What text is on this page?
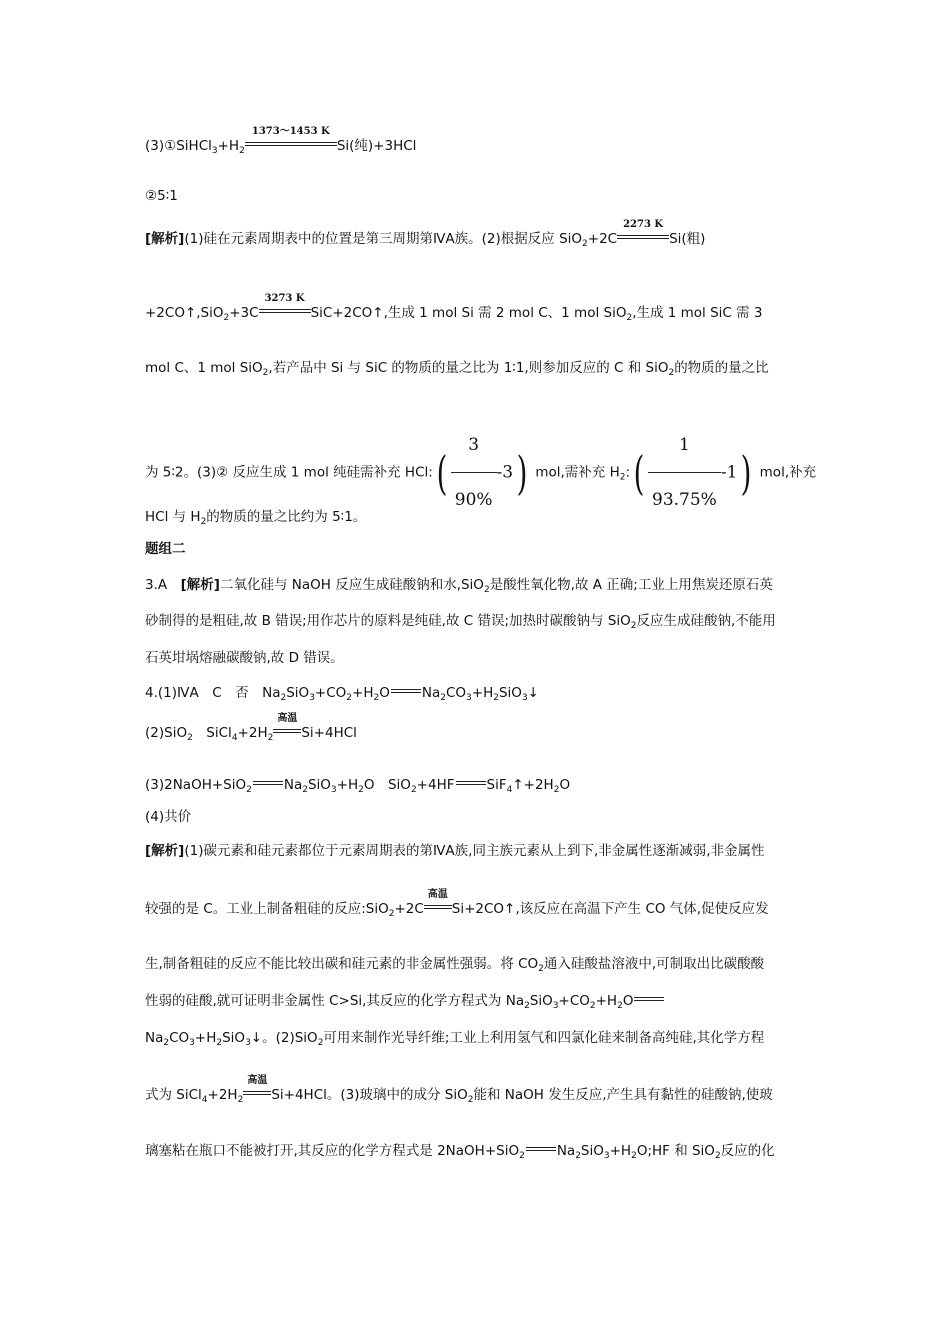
$(3)①SiHCl_3+H_2$
1373～1453 K
Si(纯)+3HCl
②5∶1
[解析](1)硅在元素周期表中的位置是第三周期第ⅣA族。(2)根据反应 SiO$_2$+2C
2273 K
Si(粗)
+2CO↑,SiO$_2$+3C
3273 K
SiC+2CO↑,生成 1 mol Si 需 2 mol C、1 mol SiO$_2$,生成 1 mol SiC 需 3
mol C、1 mol SiO$_2$,若产品中 Si 与 SiC 的物质的量之比为 1∶1,则参加反应的 C 和 SiO$_2$的物质的量之比
为 5∶2。(3)② 反应生成 1 mol 纯硅需补充 HCl:( $\frac{3}{90\%} -3$) mol,需补充 $H_2:( \frac{1}{93.75\%} -1)$ mol,补充
HCl 与 $H_2$的物质的量之比约为 5∶1。
题组二
3.A　 [解析]二氧化硅与 NaOH 反应生成硅酸钠和水,SiO$_2$是酸性氧化物,故 A 正确;工业上用焦炭还原石英
砂制得的是粗硅,故 B 错误;用作芯片的原料是纯硅,故 C 错误;加热时碳酸钠与 SiO$_2$反应生成硅酸钠,不能用
石英坩埚熔融碳酸钠,故 D 错误。
4.(1)ⅣA　C　否　$Na_2SiO_3+CO_2+H_2O$ $Na_2CO_3+H_2SiO_3↓$
(2)SiO$_2$　$SiCl_4+2H_2$
高温
Si+4HCl
(3)2NaOH+SiO$_2$ $Na_2SiO_3+H_2O$　SiO$_2$+4HF $SiF_4↑+2H_2O$
(4)共价
[解析](1)碳元素和硅元素都位于元素周期表的第ⅣA族,同主族元素从上到下,非金属性逐渐减弱,非金属性
较强的是 C。工业上制备粗硅的反应:SiO$_2$+2C
高温
Si+2CO↑,该反应在高温下产生 CO 气体,促使反应发
生,制备粗硅的反应不能比较出碳和硅元素的非金属性强弱。将 $CO_2$通入硅酸盐溶液中,可制取出比碳酸酸
性弱的硅酸,就可证明非金属性 C>Si,其反应的化学方程式为 $Na_2SiO_3+CO_2+H_2O$
$Na_2CO_3+H_2SiO_3↓$。(2)SiO$_2$可用来制作光导纤维;工业上利用氢气和四氯化硅来制备高纯硅,其化学方程
式为 $SiCl_4+2H_2$
高温
Si+4HCl。(3)玻璃中的成分 SiO$_2$能和 NaOH 发生反应,产生具有黏性的硅酸钠,使玻
璃塞粘在瓶口不能被打开,其反应的化学方程式是 2NaOH+SiO$_2$ $Na_2SiO_3+H_2O;HF$ 和 SiO$_2$反应的化
